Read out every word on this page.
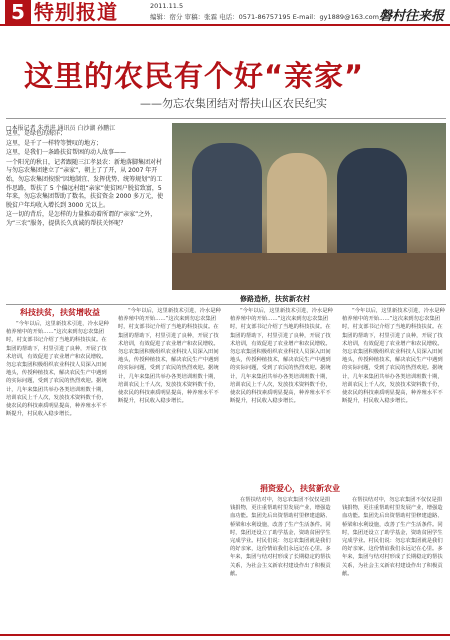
5 特别报道	2011.11.5
编辑：宿分 审稿：张霖 电话：0571-86757195 E-mail：gy1889@163.com 磐村往来报
这里的农民有个好“亲家”
——勿忘农集团结对帮扶山区农民纪实
□本报记者 朱勇进 通讯员 白沙湖 孙鹏江

这里，是绿色的海洋；

这里，是千了一样特等赞叹的地方；

这里，是我们一条路扶贫帮困的动人故事——

一个阳光的秋日，记者跟随三江孝县农：新地落脚集团对村与勿忘农集团建立了“亲家”，朝上了了开，从 2007 年开始，勿忘农集团按照“因地制宜、发挥优势、统筹规划”的工作思路，帮扶了 5 个偏远村组“亲家”使贫困户脱贫致富，5 年来，勿忘农集团帮助了数名，扶贫资金 2000 多万元，使脱贫户年均收入增长到 3000 元以上。

这一切的背后，是怎样的力量推动着所谓的“亲家”之外，为“三农”服务，提供长久真诚的帮扶关怀呢？

修路造桥，扶贫新农村
科技扶贫，扶贫增收益

“今年以后，这里新技术引进，冷水是种植养殖中的开始……”这次来到勿忘农集团时，村支部书记介绍了当地的科技扶贫。在集团的帮助下，村里引进了良种，开展了技术培训，有效促进了农业增产和农民增收。勿忘农集团积极组织农业科技人员深入田间地头，传授种植技术，解决农民生产中遇到的实际问题，受到了农民的热烈欢迎。据统计，几年来集团共举办各类培训班数十期，培训农民上千人次，发放技术资料数千份，使农民的科技素质明显提高，种养殖水平不断提升，村民收入稳步增长。

“今年以后，这里新技术引进，冷水是种植养殖中的开始……”这次来到勿忘农集团时，村支部书记介绍了当地的科技扶贫。在集团的帮助下，村里引进了良种，开展了技术培训，有效促进了农业增产和农民增收。勿忘农集团积极组织农业科技人员深入田间地头，传授种植技术，解决农民生产中遇到的实际问题，受到了农民的热烈欢迎。据统计，几年来集团共举办各类培训班数十期，培训农民上千人次，发放技术资料数千份，使农民的科技素质明显提高，种养殖水平不断提升，村民收入稳步增长。

“今年以后，这里新技术引进，冷水是种植养殖中的开始……”这次来到勿忘农集团时，村支部书记介绍了当地的科技扶贫。在集团的帮助下，村里引进了良种，开展了技术培训，有效促进了农业增产和农民增收。勿忘农集团积极组织农业科技人员深入田间地头，传授种植技术，解决农民生产中遇到的实际问题，受到了农民的热烈欢迎。据统计，几年来集团共举办各类培训班数十期，培训农民上千人次，发放技术资料数千份，使农民的科技素质明显提高，种养殖水平不断提升，村民收入稳步增长。

“今年以后，这里新技术引进，冷水是种植养殖中的开始……”这次来到勿忘农集团时，村支部书记介绍了当地的科技扶贫。在集团的帮助下，村里引进了良种，开展了技术培训，有效促进了农业增产和农民增收。勿忘农集团积极组织农业科技人员深入田间地头，传授种植技术，解决农民生产中遇到的实际问题，受到了农民的热烈欢迎。据统计，几年来集团共举办各类培训班数十期，培训农民上千人次，发放技术资料数千份，使农民的科技素质明显提高，种养殖水平不断提升，村民收入稳步增长。

捐资爱心，扶贫新农业

在帮扶结对中，勿忘农集团不仅仅是捐钱捐物，更注重帮助村里发展产业，增强造血功能。集团先后出资帮助村里修建道路、桥梁和水利设施，改善了生产生活条件。同时，集团还设立了助学基金，资助贫困学生完成学业。村民们说：勿忘农集团就是我们的好亲家，这份情谊我们永远记在心里。多年来，集团与结对村形成了长期稳定的帮扶关系，为社会主义新农村建设作出了积极贡献。

在帮扶结对中，勿忘农集团不仅仅是捐钱捐物，更注重帮助村里发展产业，增强造血功能。集团先后出资帮助村里修建道路、桥梁和水利设施，改善了生产生活条件。同时，集团还设立了助学基金，资助贫困学生完成学业。村民们说：勿忘农集团就是我们的好亲家，这份情谊我们永远记在心里。多年来，集团与结对村形成了长期稳定的帮扶关系，为社会主义新农村建设作出了积极贡献。
